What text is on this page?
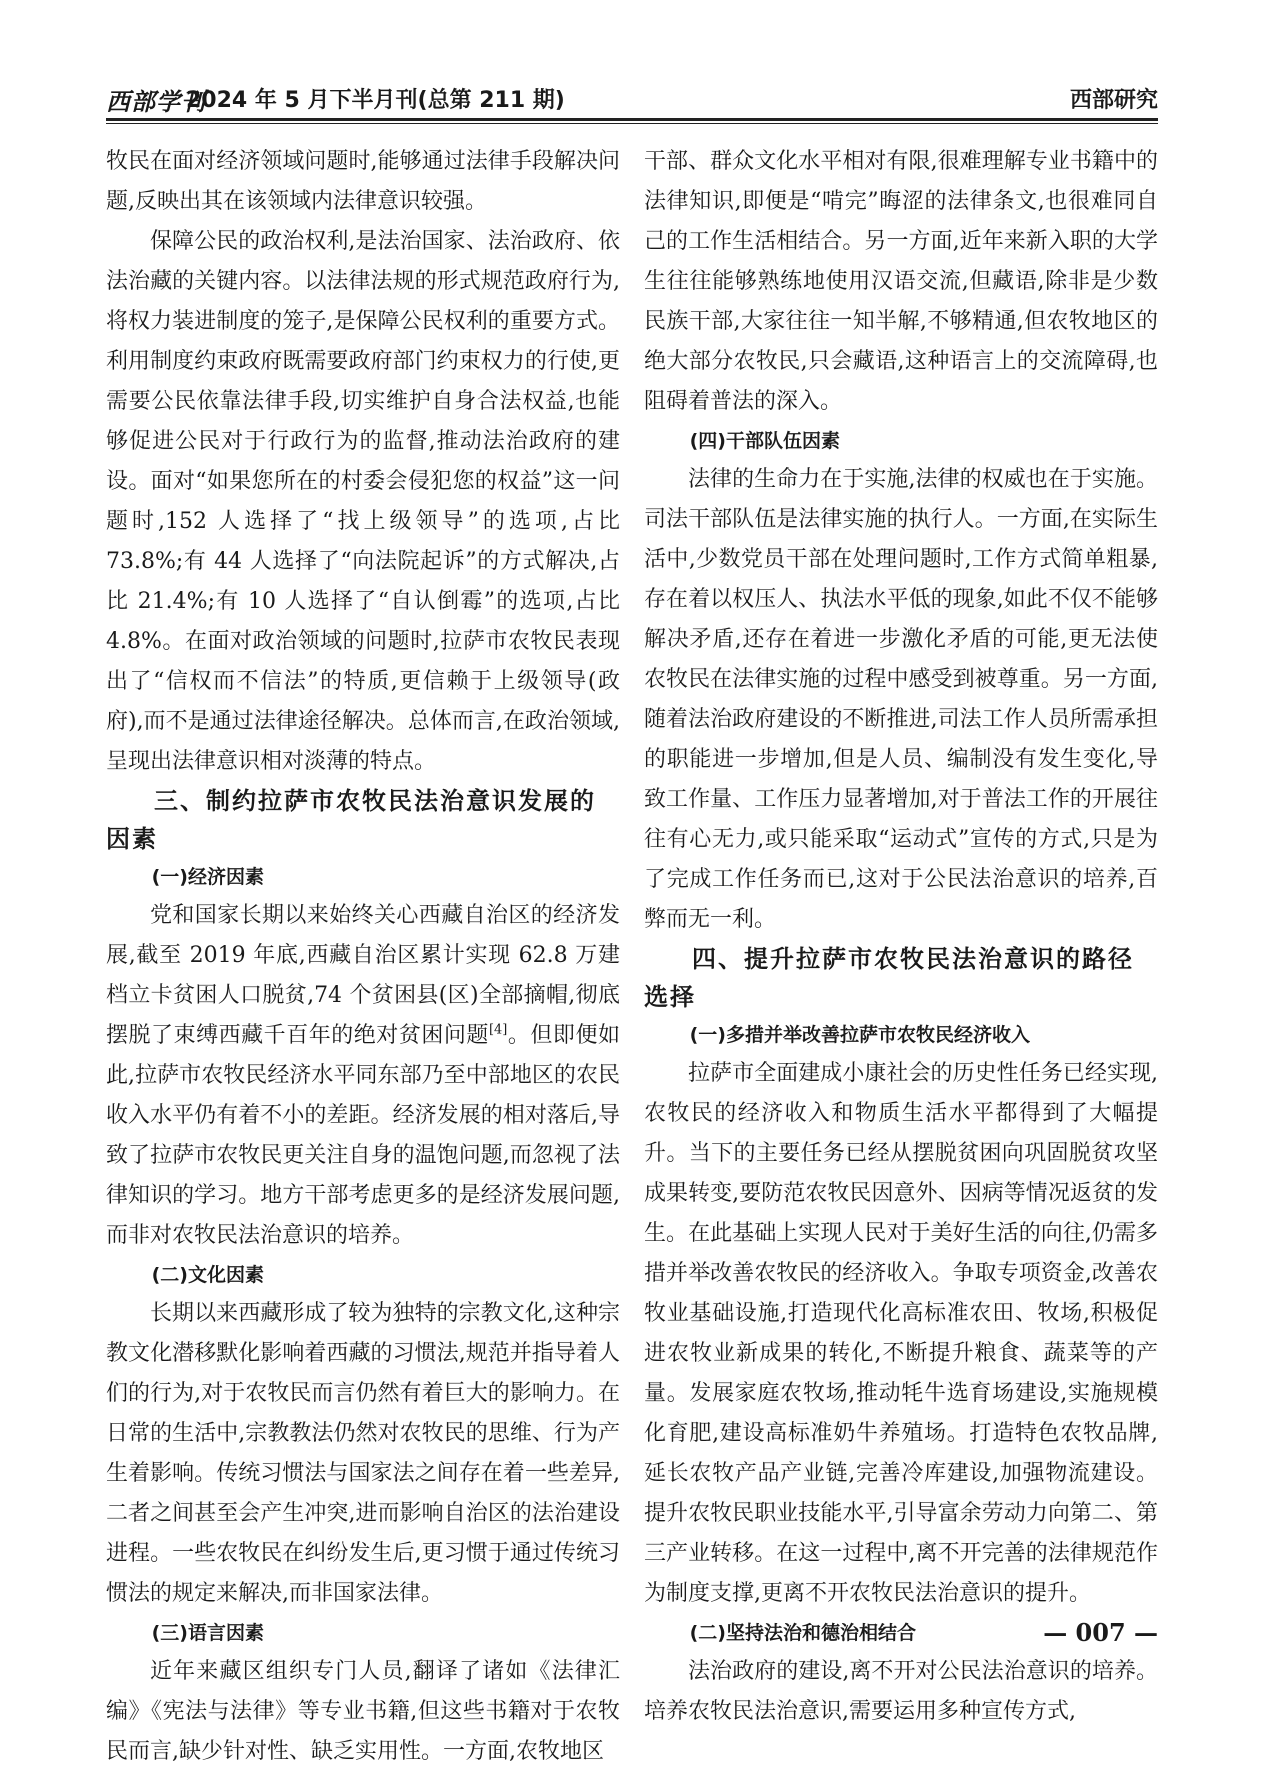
西部学刊
2024 年 5 月下半月刊(总第 211 期)	西部研究

牧民在面对经济领域问题时,能够通过法律手段解决问题,反映出其在该领域内法律意识较强。

保障公民的政治权利,是法治国家、法治政府、依法治藏的关键内容。以法律法规的形式规范政府行为,将权力装进制度的笼子,是保障公民权利的重要方式。利用制度约束政府既需要政府部门约束权力的行使,更需要公民依靠法律手段,切实维护自身合法权益,也能够促进公民对于行政行为的监督,推动法治政府的建设。面对“如果您所在的村委会侵犯您的权益”这一问题时,152 人选择了“找上级领导”的选项,占比 73.8%;有 44 人选择了“向法院起诉”的方式解决,占比 21.4%;有 10 人选择了“自认倒霉”的选项,占比 4.8%。在面对政治领域的问题时,拉萨市农牧民表现出了“信权而不信法”的特质,更信赖于上级领导(政府),而不是通过法律途径解决。总体而言,在政治领域,呈现出法律意识相对淡薄的特点。

三、制约拉萨市农牧民法治意识发展的因素
(一)经济因素

党和国家长期以来始终关心西藏自治区的经济发展,截至 2019 年底,西藏自治区累计实现 62.8 万建档立卡贫困人口脱贫,74 个贫困县(区)全部摘帽,彻底摆脱了束缚西藏千百年的绝对贫困问题[4]。但即便如此,拉萨市农牧民经济水平同东部乃至中部地区的农民收入水平仍有着不小的差距。经济发展的相对落后,导致了拉萨市农牧民更关注自身的温饱问题,而忽视了法律知识的学习。地方干部考虑更多的是经济发展问题,而非对农牧民法治意识的培养。

(二)文化因素

长期以来西藏形成了较为独特的宗教文化,这种宗教文化潜移默化影响着西藏的习惯法,规范并指导着人们的行为,对于农牧民而言仍然有着巨大的影响力。在日常的生活中,宗教教法仍然对农牧民的思维、行为产生着影响。传统习惯法与国家法之间存在着一些差异,二者之间甚至会产生冲突,进而影响自治区的法治建设进程。一些农牧民在纠纷发生后,更习惯于通过传统习惯法的规定来解决,而非国家法律。

(三)语言因素

近年来藏区组织专门人员,翻译了诸如《法律汇编》《宪法与法律》等专业书籍,但这些书籍对于农牧民而言,缺少针对性、缺乏实用性。一方面,农牧地区

干部、群众文化水平相对有限,很难理解专业书籍中的法律知识,即便是“啃完”晦涩的法律条文,也很难同自己的工作生活相结合。另一方面,近年来新入职的大学生往往能够熟练地使用汉语交流,但藏语,除非是少数民族干部,大家往往一知半解,不够精通,但农牧地区的绝大部分农牧民,只会藏语,这种语言上的交流障碍,也阻碍着普法的深入。

(四)干部队伍因素

法律的生命力在于实施,法律的权威也在于实施。司法干部队伍是法律实施的执行人。一方面,在实际生活中,少数党员干部在处理问题时,工作方式简单粗暴,存在着以权压人、执法水平低的现象,如此不仅不能够解决矛盾,还存在着进一步激化矛盾的可能,更无法使农牧民在法律实施的过程中感受到被尊重。另一方面,随着法治政府建设的不断推进,司法工作人员所需承担的职能进一步增加,但是人员、编制没有发生变化,导致工作量、工作压力显著增加,对于普法工作的开展往往有心无力,或只能采取“运动式”宣传的方式,只是为了完成工作任务而已,这对于公民法治意识的培养,百弊而无一利。

四、提升拉萨市农牧民法治意识的路径选择
(一)多措并举改善拉萨市农牧民经济收入

拉萨市全面建成小康社会的历史性任务已经实现,农牧民的经济收入和物质生活水平都得到了大幅提升。当下的主要任务已经从摆脱贫困向巩固脱贫攻坚成果转变,要防范农牧民因意外、因病等情况返贫的发生。在此基础上实现人民对于美好生活的向往,仍需多措并举改善农牧民的经济收入。争取专项资金,改善农牧业基础设施,打造现代化高标准农田、牧场,积极促进农牧业新成果的转化,不断提升粮食、蔬菜等的产量。发展家庭农牧场,推动牦牛选育场建设,实施规模化育肥,建设高标准奶牛养殖场。打造特色农牧品牌,延长农牧产品产业链,完善冷库建设,加强物流建设。提升农牧民职业技能水平,引导富余劳动力向第二、第三产业转移。在这一过程中,离不开完善的法律规范作为制度支撑,更离不开农牧民法治意识的提升。

(二)坚持法治和德治相结合

法治政府的建设,离不开对公民法治意识的培养。培养农牧民法治意识,需要运用多种宣传方式,

— 007 —
